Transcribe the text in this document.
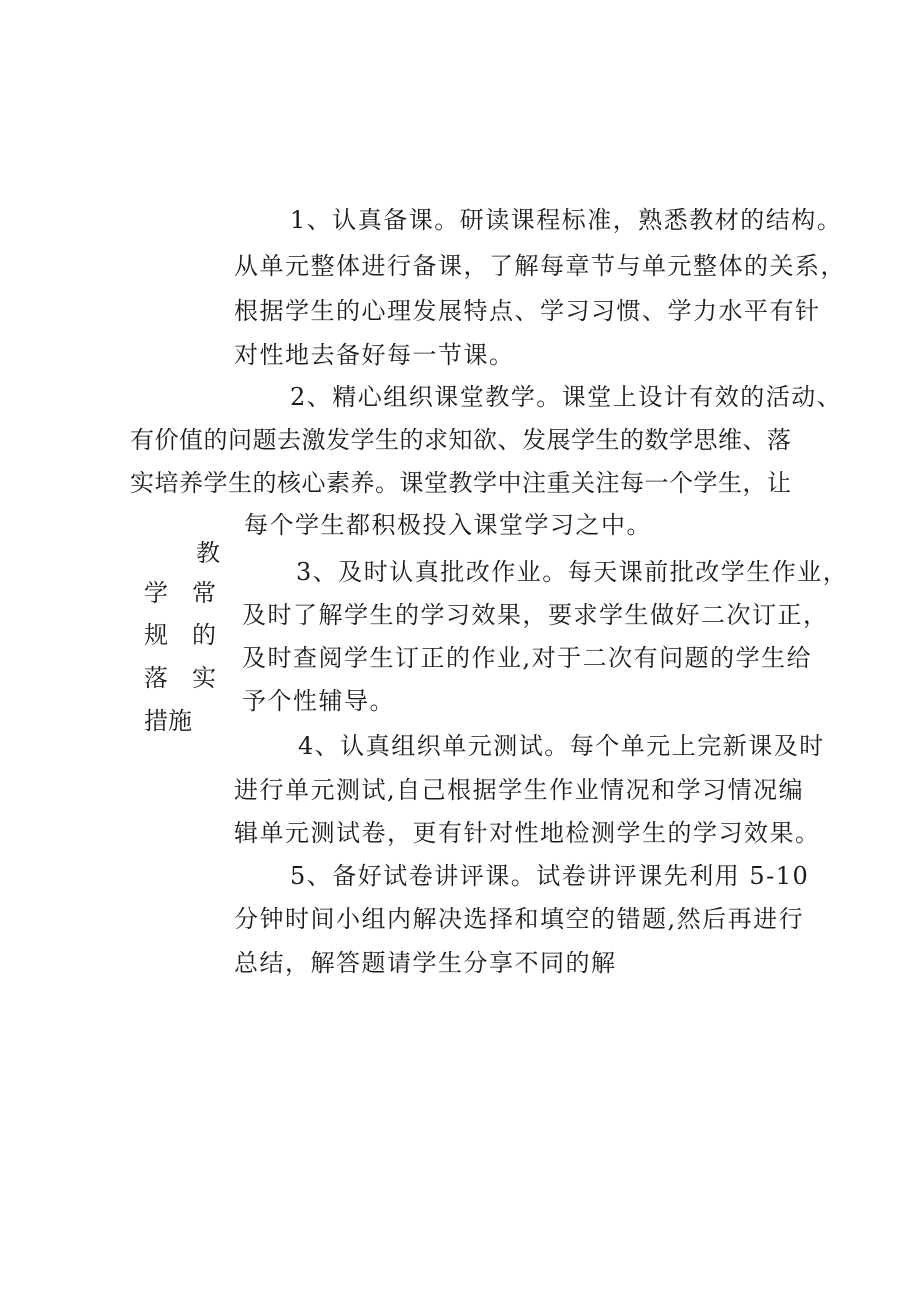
教
学　常
规　的
落　实
措施
1、认真备课。研读课程标准，熟悉教材的结构。
从单元整体进行备课，了解每章节与单元整体的关系，
根据学生的心理发展特点、学习习惯、学力水平有针
对性地去备好每一节课。
2、精心组织课堂教学。课堂上设计有效的活动、
有价值的问题去激发学生的求知欲、发展学生的数学思维、落
实培养学生的核心素养。课堂教学中注重关注每一个学生，让
每个学生都积极投入课堂学习之中。
3、及时认真批改作业。每天课前批改学生作业，
及时了解学生的学习效果，要求学生做好二次订正，
及时查阅学生订正的作业,对于二次有问题的学生给
予个性辅导。
4、认真组织单元测试。每个单元上完新课及时
进行单元测试,自己根据学生作业情况和学习情况编
辑单元测试卷，更有针对性地检测学生的学习效果。
5、备好试卷讲评课。试卷讲评课先利用 5-10
分钟时间小组内解决选择和填空的错题,然后再进行
总结，解答题请学生分享不同的解
